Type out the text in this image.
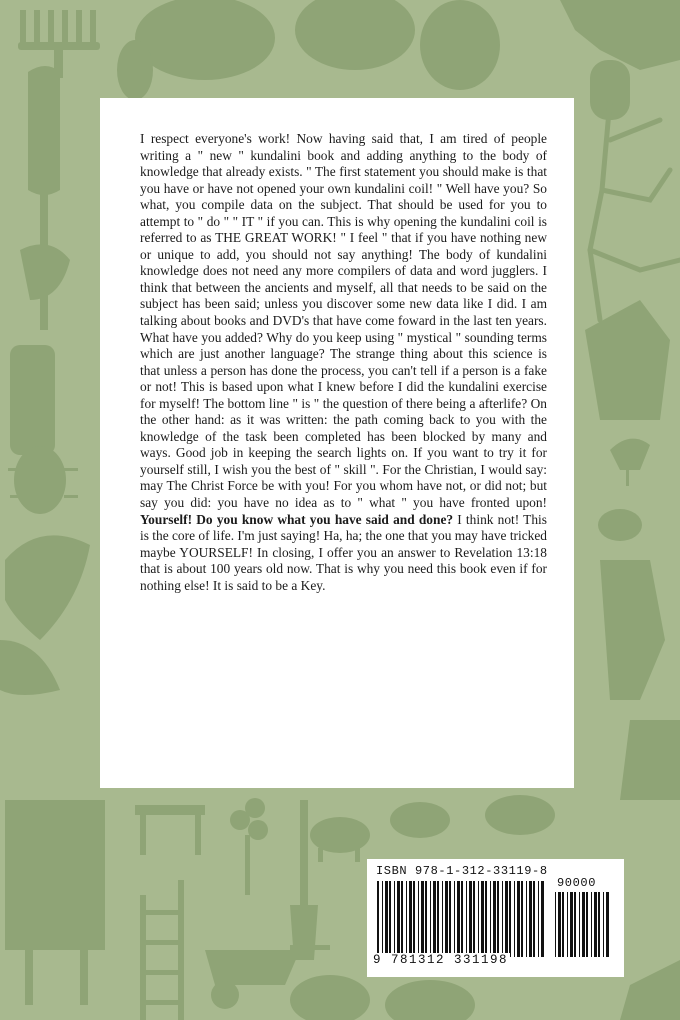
I respect everyone's work! Now having said that, I am tired of people writing a " new " kundalini book and adding anything to the body of knowledge that already exists. " The first statement you should make is that you have or have not opened your own kundalini coil! " Well have you? So what, you compile data on the subject. That should be used for you to attempt to " do " " IT " if you can. This is why opening the kundalini coil is referred to as THE GREAT WORK! " I feel " that if you have nothing new or unique to add, you should not say anything! The body of kundalini knowledge does not need any more compilers of data and word jugglers. I think that between the ancients and myself, all that needs to be said on the subject has been said; unless you discover some new data like I did. I am talking about books and DVD's that have come foward in the last ten years. What have you added? Why do you keep using " mystical " sounding terms which are just another language? The strange thing about this science is that unless a person has done the process, you can't tell if a person is a fake or not! This is based upon what I knew before I did the kundalini exercise for myself! The bottom line " is " the question of there being a afterlife? On the other hand: as it was written: the path coming back to you with the knowledge of the task been completed has been blocked by many and ways. Good job in keeping the search lights on. If you want to try it for yourself still, I wish you the best of " skill ". For the Christian, I would say: may The Christ Force be with you! For you whom have not, or did not; but say you did: you have no idea as to " what " you have fronted upon! Yourself! Do you know what you have said and done? I think not! This is the core of life. I'm just saying! Ha, ha; the one that you may have tricked maybe YOURSELF! In closing, I offer you an answer to Revelation 13:18 that is about 100 years old now. That is why you need this book even if for nothing else! It is said to be a Key.

ISBN 978-1-312-33119-8

90000

9 781312 331198
